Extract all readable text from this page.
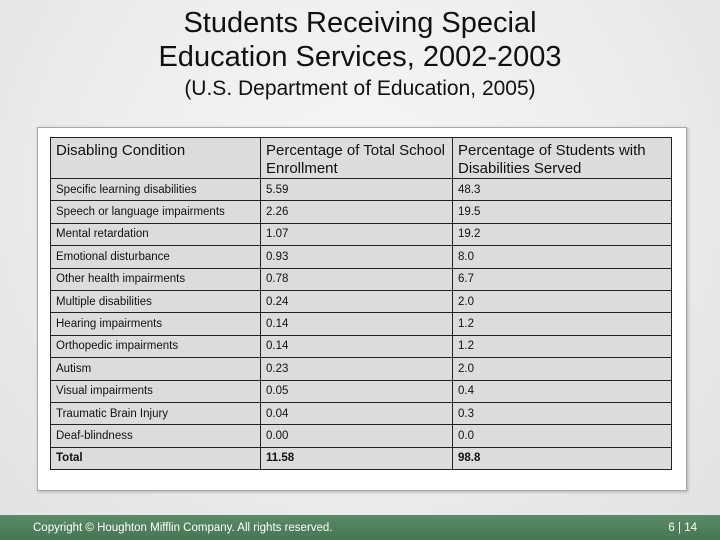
Students Receiving Special
Education Services, 2002-2003
(U.S. Department of Education, 2005)
Disabling Condition	Percentage of Total School Enrollment	Percentage of Students with Disabilities Served
Specific learning disabilities	5.59	48.3
Speech or language impairments	2.26	19.5
Mental retardation	1.07	19.2
Emotional disturbance	0.93	8.0
Other health impairments	0.78	6.7
Multiple disabilities	0.24	2.0
Hearing impairments	0.14	1.2
Orthopedic impairments	0.14	1.2
Autism	0.23	2.0
Visual impairments	0.05	0.4
Traumatic Brain Injury	0.04	0.3
Deaf-blindness	0.00	0.0
Total	11.58	98.8
Copyright © Houghton Mifflin Company. All rights reserved.	6 | 14
